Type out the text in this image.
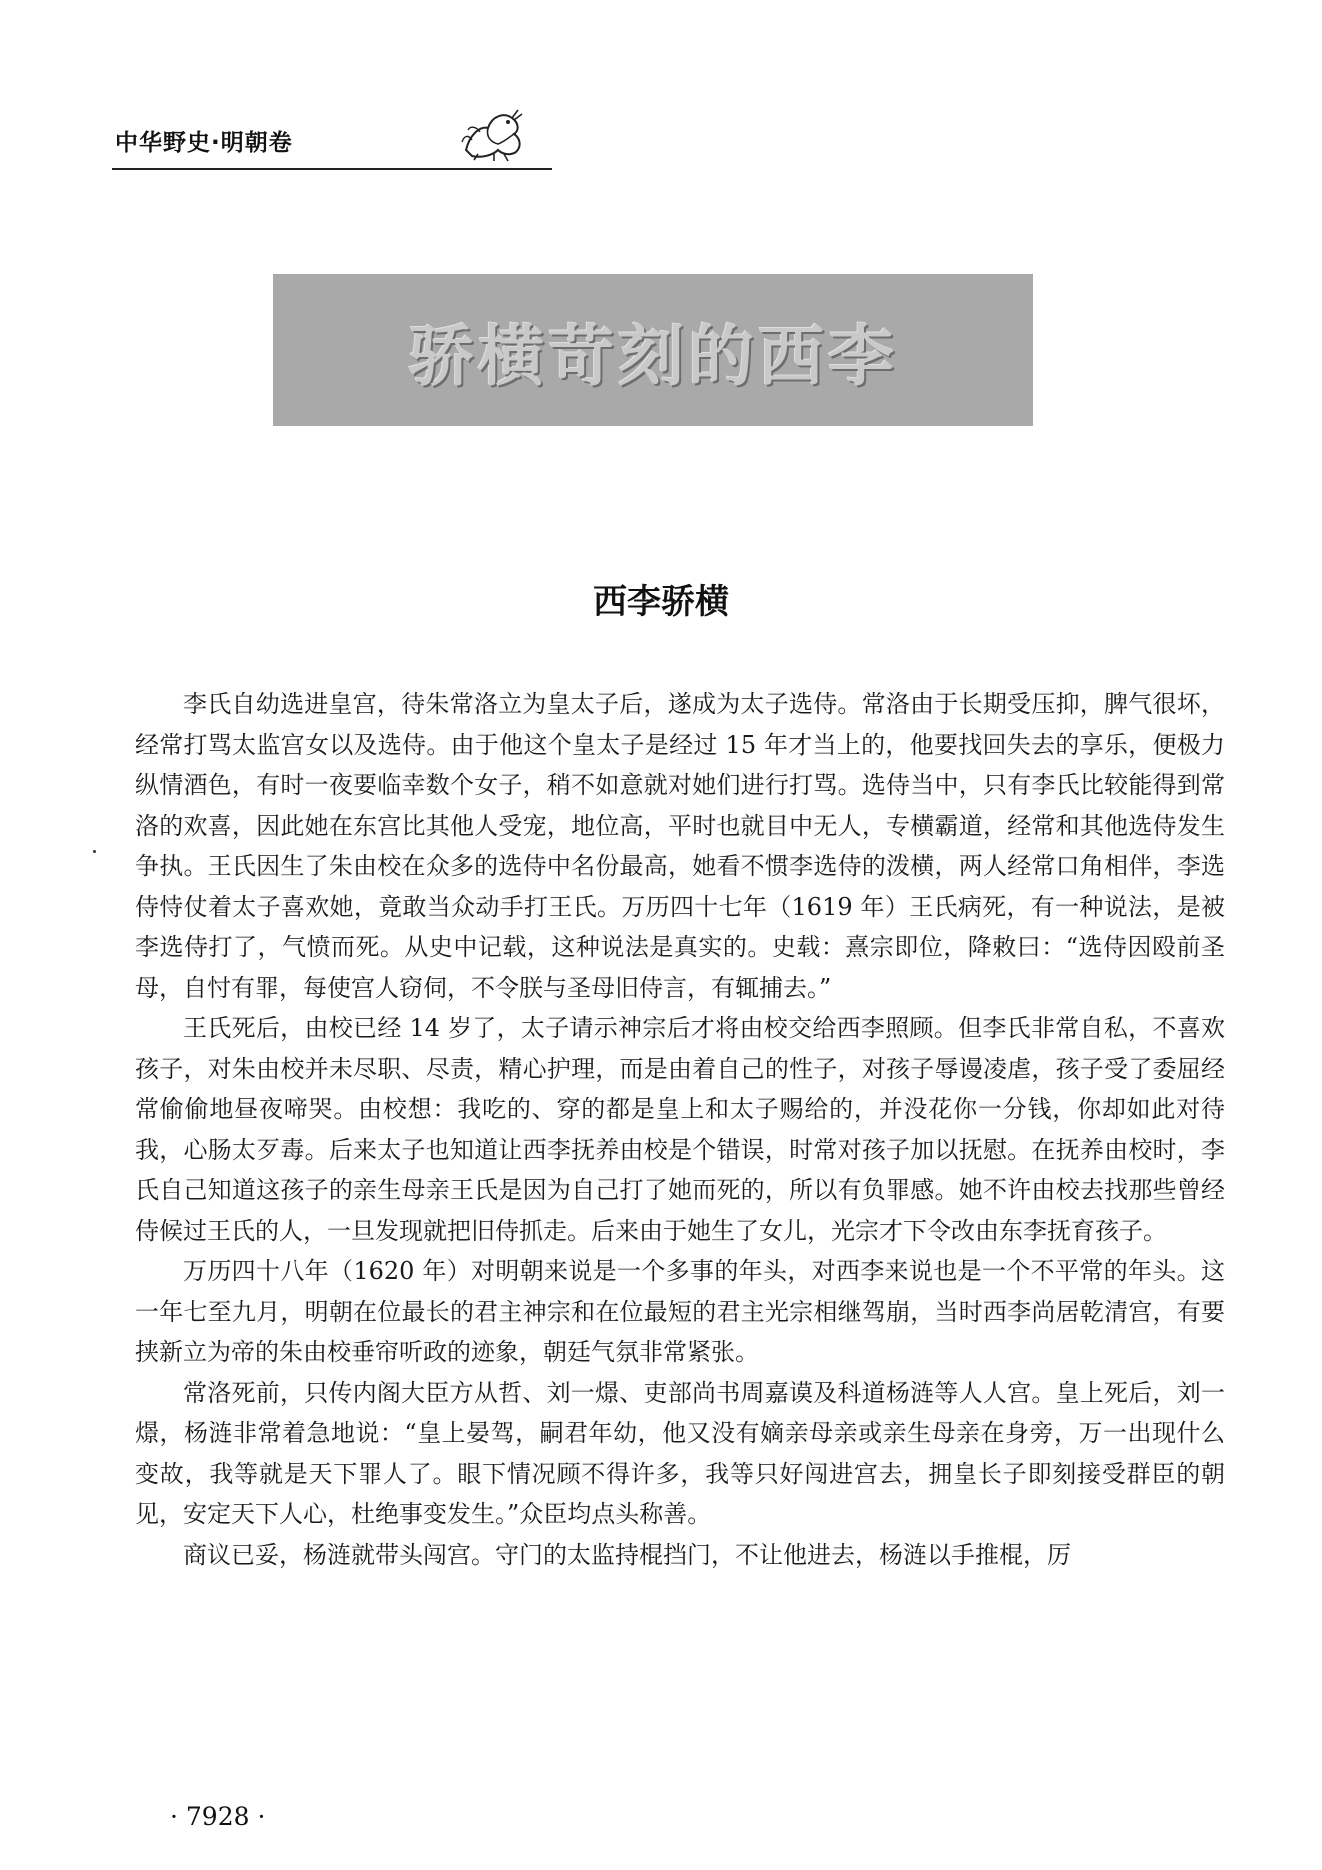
中华野史·明朝卷
骄横苛刻的西李
西李骄横

李氏自幼选进皇宫，待朱常洛立为皇太子后，遂成为太子选侍。常洛由于长期受压抑，脾气很坏，经常打骂太监宫女以及选侍。由于他这个皇太子是经过 15 年才当上的，他要找回失去的享乐，便极力纵情酒色，有时一夜要临幸数个女子，稍不如意就对她们进行打骂。选侍当中，只有李氏比较能得到常洛的欢喜，因此她在东宫比其他人受宠，地位高，平时也就目中无人，专横霸道，经常和其他选侍发生争执。王氏因生了朱由校在众多的选侍中名份最高，她看不惯李选侍的泼横，两人经常口角相伴，李选侍恃仗着太子喜欢她，竟敢当众动手打王氏。万历四十七年（1619 年）王氏病死，有一种说法，是被李选侍打了，气愤而死。从史中记载，这种说法是真实的。史载：熹宗即位，降敕曰：“选侍因殴前圣母，自忖有罪，每使宫人窃伺，不令朕与圣母旧侍言，有辄捕去。”

王氏死后，由校已经 14 岁了，太子请示神宗后才将由校交给西李照顾。但李氏非常自私，不喜欢孩子，对朱由校并未尽职、尽责，精心护理，而是由着自己的性子，对孩子辱谩凌虐，孩子受了委屈经常偷偷地昼夜啼哭。由校想：我吃的、穿的都是皇上和太子赐给的，并没花你一分钱，你却如此对待我，心肠太歹毒。后来太子也知道让西李抚养由校是个错误，时常对孩子加以抚慰。在抚养由校时，李氏自己知道这孩子的亲生母亲王氏是因为自己打了她而死的，所以有负罪感。她不许由校去找那些曾经侍候过王氏的人，一旦发现就把旧侍抓走。后来由于她生了女儿，光宗才下令改由东李抚育孩子。

万历四十八年（1620 年）对明朝来说是一个多事的年头，对西李来说也是一个不平常的年头。这一年七至九月，明朝在位最长的君主神宗和在位最短的君主光宗相继驾崩，当时西李尚居乾清宫，有要挟新立为帝的朱由校垂帘听政的迹象，朝廷气氛非常紧张。

常洛死前，只传内阁大臣方从哲、刘一燝、吏部尚书周嘉谟及科道杨涟等人人宫。皇上死后，刘一燝，杨涟非常着急地说：“皇上晏驾，嗣君年幼，他又没有嫡亲母亲或亲生母亲在身旁，万一出现什么变故，我等就是天下罪人了。眼下情况顾不得许多，我等只好闯进宫去，拥皇长子即刻接受群臣的朝见，安定天下人心，杜绝事变发生。”众臣均点头称善。

商议已妥，杨涟就带头闯宫。守门的太监持棍挡门，不让他进去，杨涟以手推棍，厉

· 7928 ·
